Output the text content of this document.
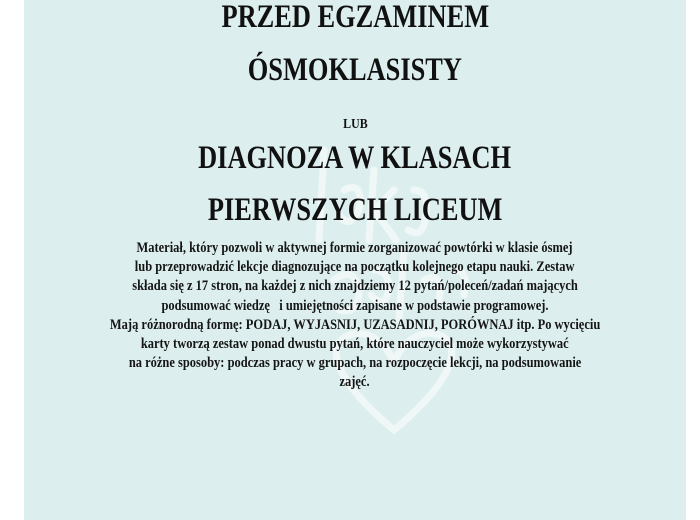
PRZED EGZAMINEM
ÓSMOKLASISTY
LUB
DIAGNOZA W KLASACH
PIERWSZYCH LICEUM
Materiał, który pozwoli w aktywnej formie zorganizować powtórki w klasie ósmej
lub przeprowadzić lekcje diagnozujące na początku kolejnego etapu nauki. Zestaw
składa się z 17 stron, na każdej z nich znajdziemy 12 pytań/poleceń/zadań mających
podsumować wiedzę   i umiejętności zapisane w podstawie programowej.
Mają różnorodną formę: PODAJ, WYJASNIJ, UZASADNIJ, PORÓWNAJ itp. Po wycięciu
karty tworzą zestaw ponad dwustu pytań, które nauczyciel może wykorzystywać
na różne sposoby: podczas pracy w grupach, na rozpoczęcie lekcji, na podsumowanie
zajęć.
